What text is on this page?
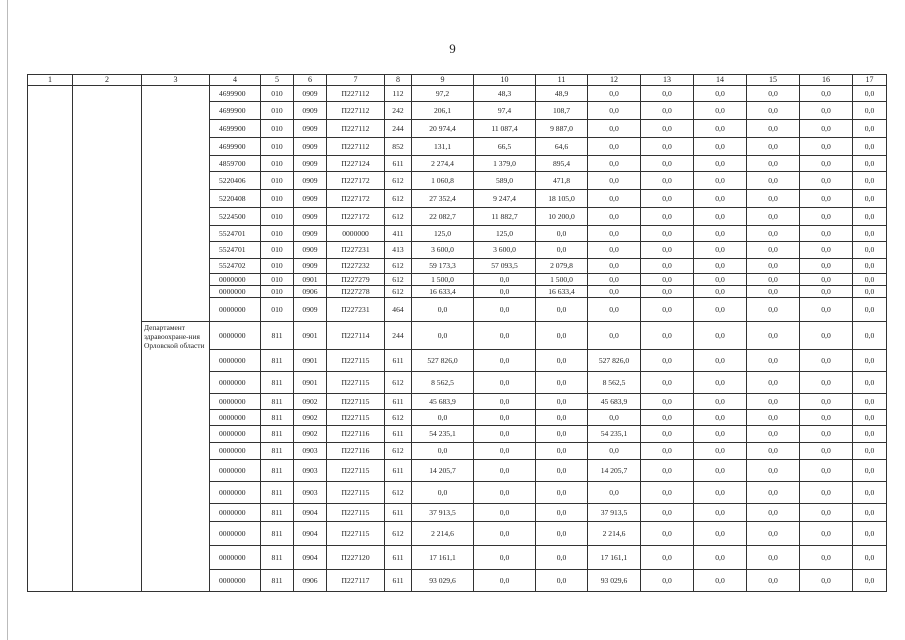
9
1	2	3	4	5	6	7	8	9	10	11	12	13	14	15	16	17
			4699900	010	0909	П227112	112	97,2	48,3	48,9	0,0	0,0	0,0	0,0	0,0	0,0
			4699900	010	0909	П227112	242	206,1	97,4	108,7	0,0	0,0	0,0	0,0	0,0	0,0
			4699900	010	0909	П227112	244	20 974,4	11 087,4	9 887,0	0,0	0,0	0,0	0,0	0,0	0,0
			4699900	010	0909	П227112	852	131,1	66,5	64,6	0,0	0,0	0,0	0,0	0,0	0,0
			4859700	010	0909	П227124	611	2 274,4	1 379,0	895,4	0,0	0,0	0,0	0,0	0,0	0,0
			5220406	010	0909	П227172	612	1 060,8	589,0	471,8	0,0	0,0	0,0	0,0	0,0	0,0
			5220408	010	0909	П227172	612	27 352,4	9 247,4	18 105,0	0,0	0,0	0,0	0,0	0,0	0,0
			5224500	010	0909	П227172	612	22 082,7	11 882,7	10 200,0	0,0	0,0	0,0	0,0	0,0	0,0
			5524701	010	0909	0000000	411	125,0	125,0	0,0	0,0	0,0	0,0	0,0	0,0	0,0
			5524701	010	0909	П227231	413	3 600,0	3 600,0	0,0	0,0	0,0	0,0	0,0	0,0	0,0
			5524702	010	0909	П227232	612	59 173,3	57 093,5	2 079,8	0,0	0,0	0,0	0,0	0,0	0,0
			0000000	010	0901	П227279	612	1 500,0	0,0	1 500,0	0,0	0,0	0,0	0,0	0,0	0,0
			0000000	010	0906	П227278	612	16 633,4	0,0	16 633,4	0,0	0,0	0,0	0,0	0,0	0,0
			0000000	010	0909	П227231	464	0,0	0,0	0,0	0,0	0,0	0,0	0,0	0,0	0,0

		Департамент здравоохране-ния Орловской области	0000000	811	0901	П227114	244	0,0	0,0	0,0	0,0	0,0	0,0	0,0	0,0	0,0
			0000000	811	0901	П227115	611	527 826,0	0,0	0,0	527 826,0	0,0	0,0	0,0	0,0	0,0
			0000000	811	0901	П227115	612	8 562,5	0,0	0,0	8 562,5	0,0	0,0	0,0	0,0	0,0
			0000000	811	0902	П227115	611	45 683,9	0,0	0,0	45 683,9	0,0	0,0	0,0	0,0	0,0
			0000000	811	0902	П227115	612	0,0	0,0	0,0	0,0	0,0	0,0	0,0	0,0	0,0
			0000000	811	0902	П227116	611	54 235,1	0,0	0,0	54 235,1	0,0	0,0	0,0	0,0	0,0
			0000000	811	0903	П227116	612	0,0	0,0	0,0	0,0	0,0	0,0	0,0	0,0	0,0
			0000000	811	0903	П227115	611	14 205,7	0,0	0,0	14 205,7	0,0	0,0	0,0	0,0	0,0
			0000000	811	0903	П227115	612	0,0	0,0	0,0	0,0	0,0	0,0	0,0	0,0	0,0
			0000000	811	0904	П227115	611	37 913,5	0,0	0,0	37 913,5	0,0	0,0	0,0	0,0	0,0
			0000000	811	0904	П227115	612	2 214,6	0,0	0,0	2 214,6	0,0	0,0	0,0	0,0	0,0
			0000000	811	0904	П227120	611	17 161,1	0,0	0,0	17 161,1	0,0	0,0	0,0	0,0	0,0
			0000000	811	0906	П227117	611	93 029,6	0,0	0,0	93 029,6	0,0	0,0	0,0	0,0	0,0
